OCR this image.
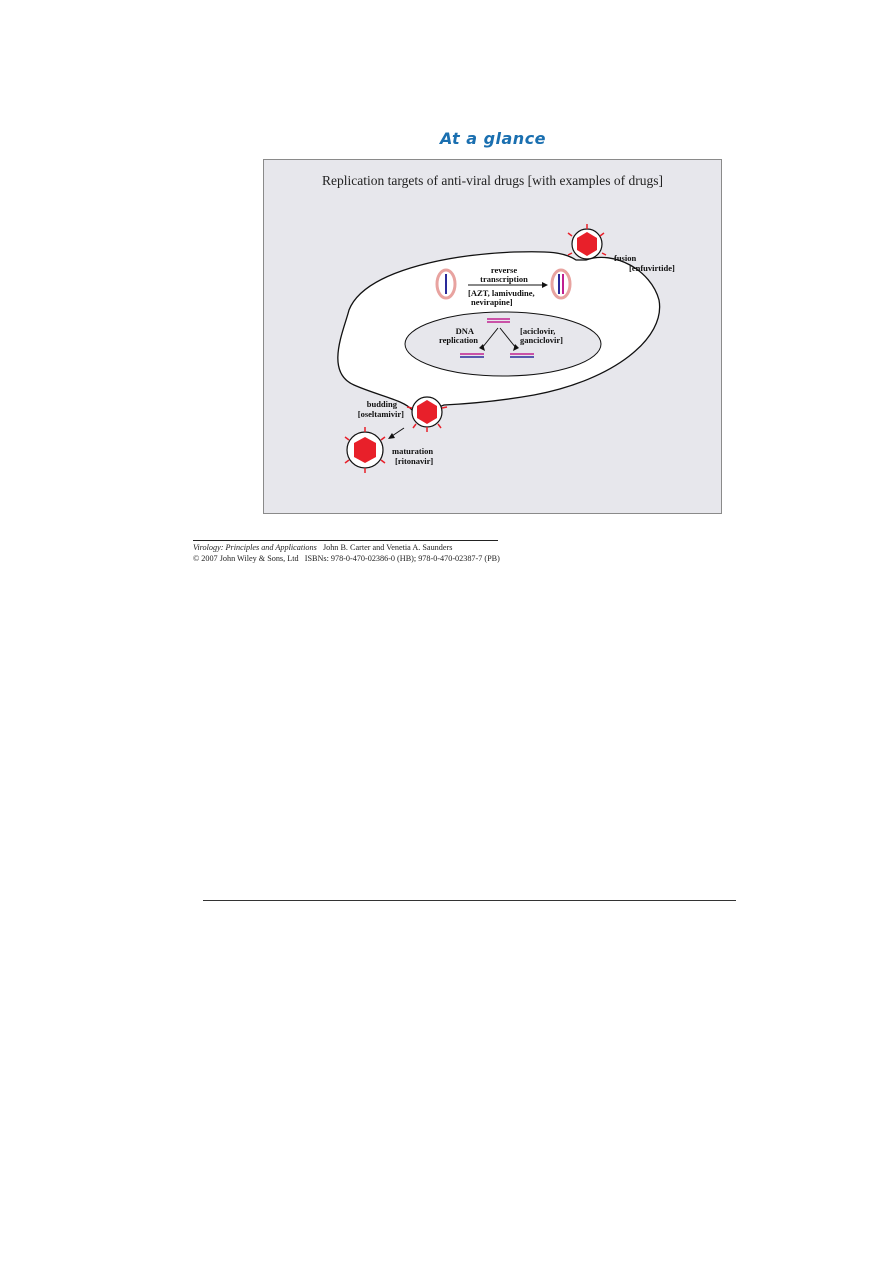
At a glance
fusion
[enfuvirtide]
reverse
transcription
[AZT, lamivudine,
nevirapine]
DNA
replication
[aciclovir,
ganciclovir]
budding
[oseltamivir]
maturation
[ritonavir]
Replication targets of anti-viral drugs [with examples of drugs]
Virology: Principles and Applications John B. Carter and Venetia A. Saunders
© 2007 John Wiley & Sons, Ltd   ISBNs: 978-0-470-02386-0 (HB); 978-0-470-02387-7 (PB)
